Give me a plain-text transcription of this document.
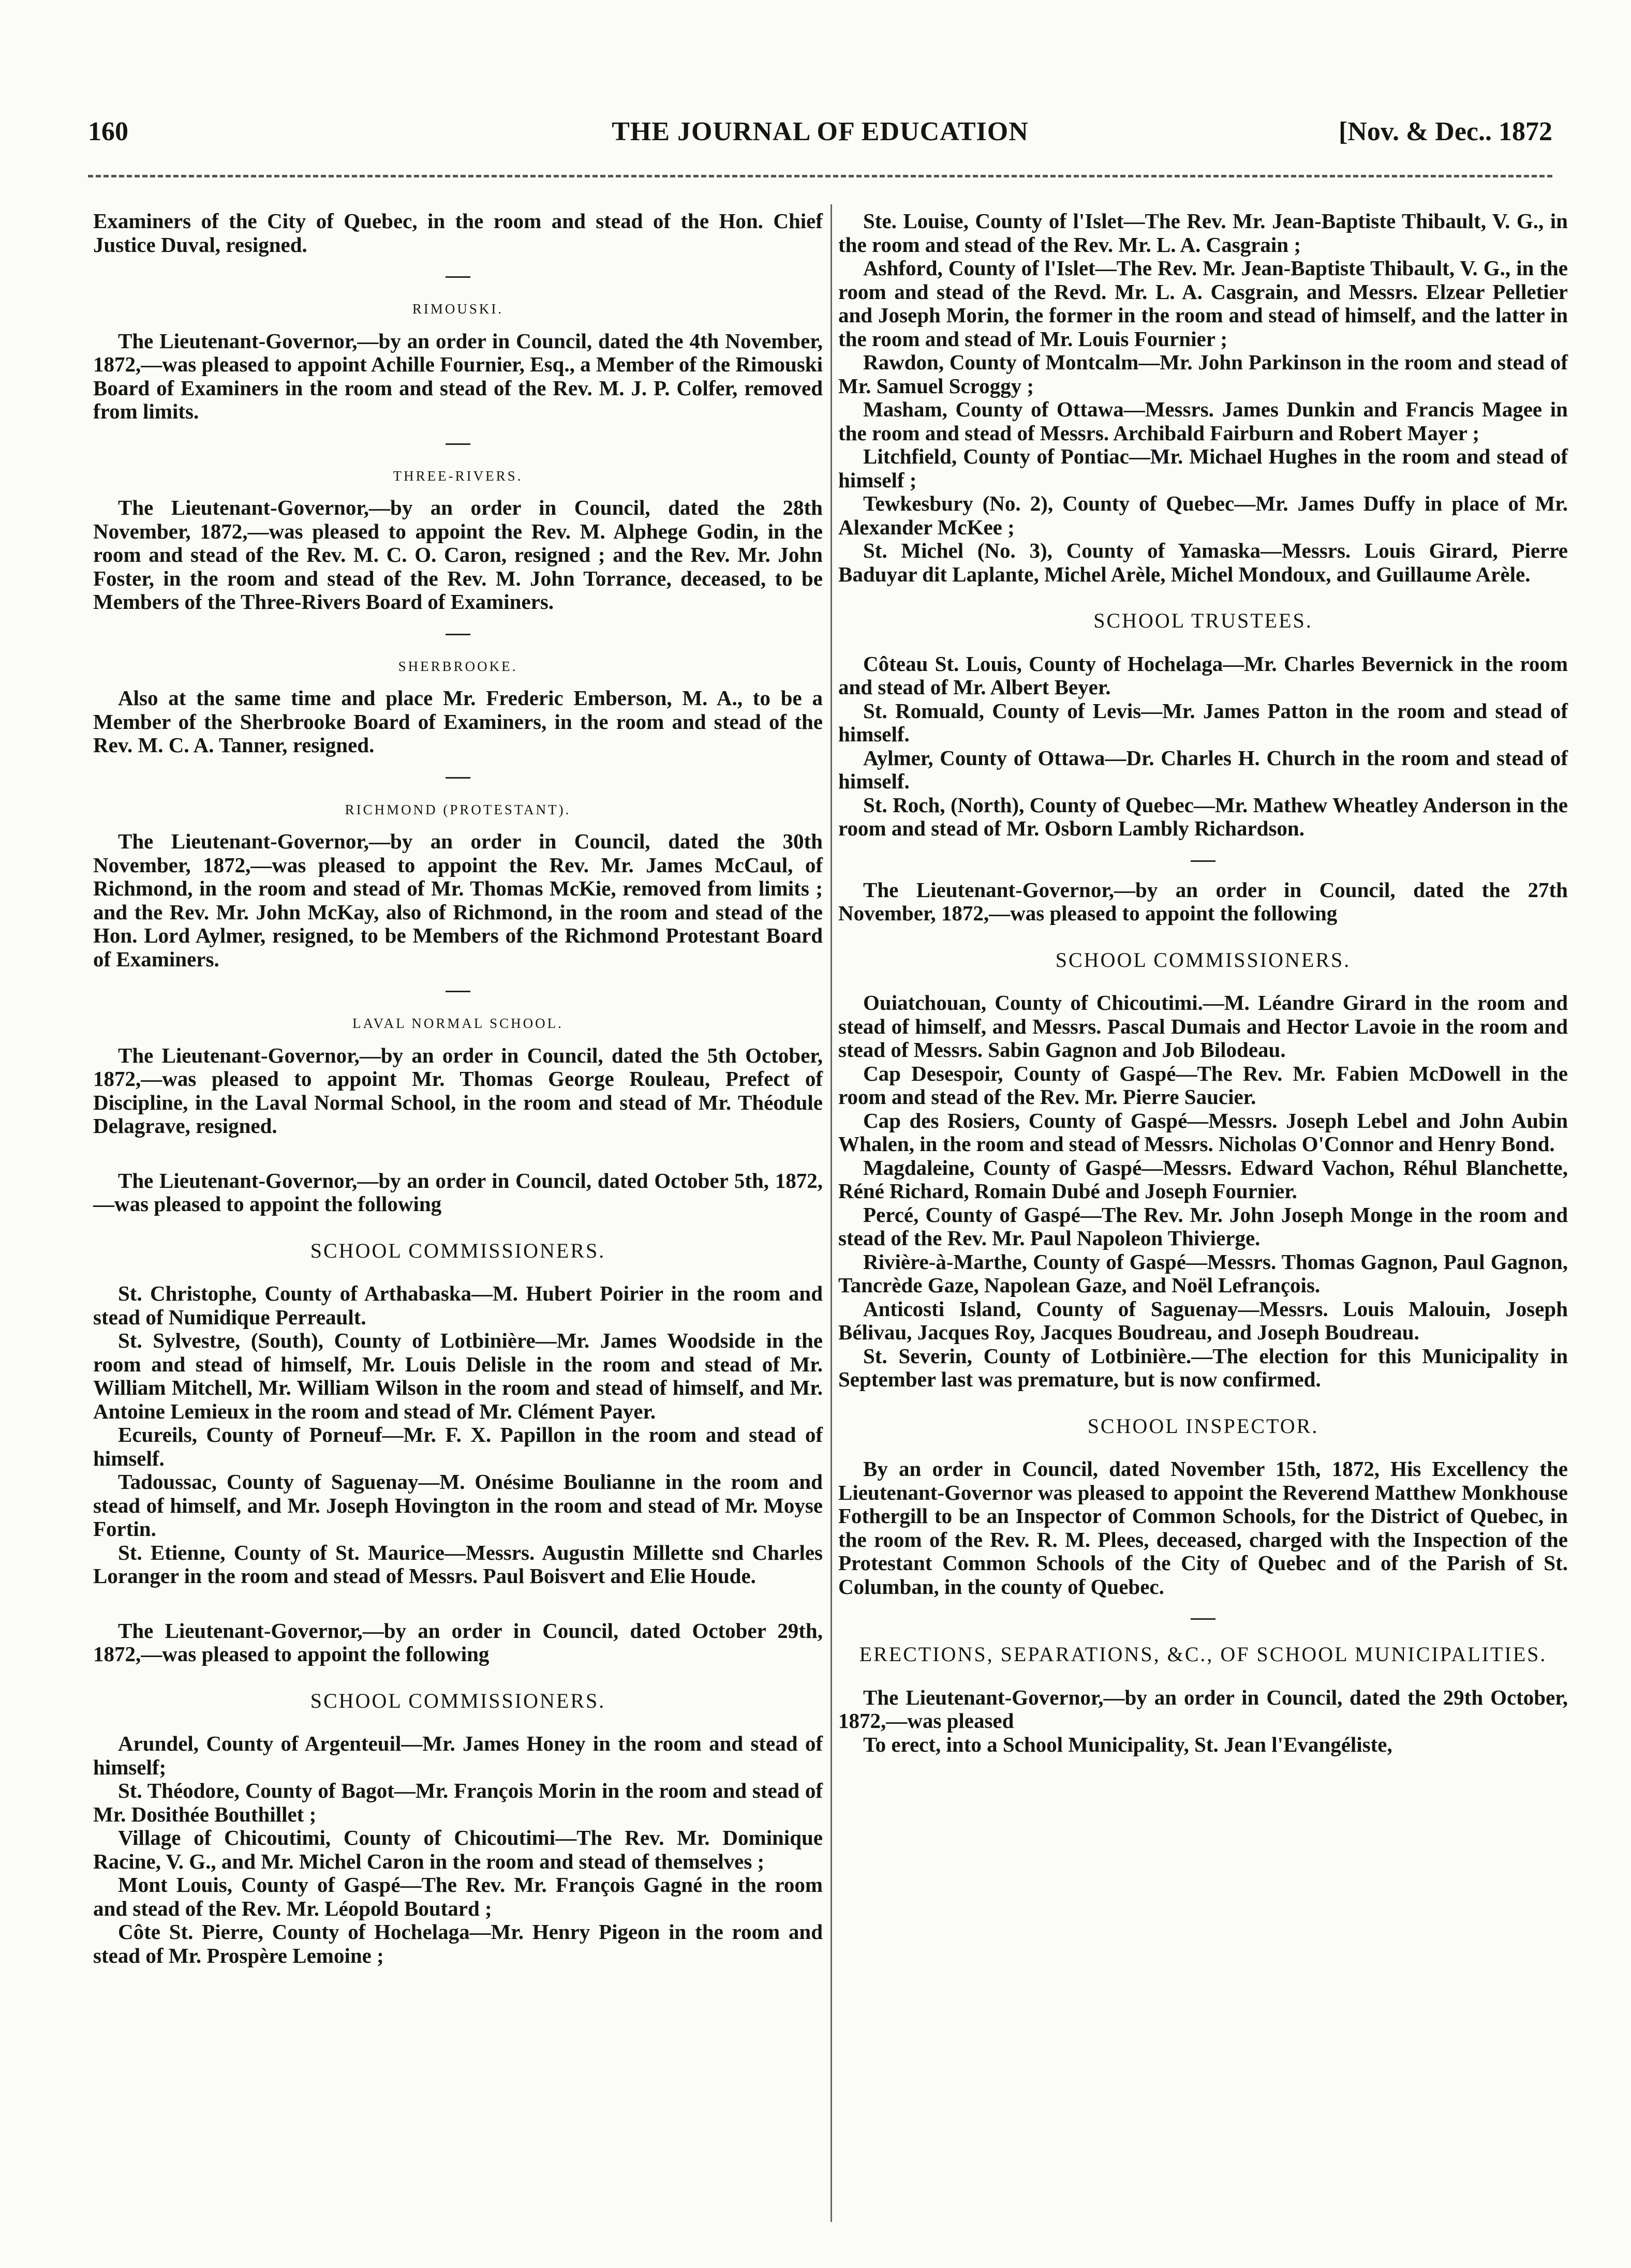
160	THE JOURNAL OF EDUCATION	[Nov. & Dec.. 1872

Examiners of the City of Quebec, in the room and stead of the Hon. Chief Justice Duval, resigned.

RIMOUSKI.

The Lieutenant-Governor,—by an order in Council, dated the 4th November, 1872,—was pleased to appoint Achille Fournier, Esq., a Member of the Rimouski Board of Examiners in the room and stead of the Rev. M. J. P. Colfer, removed from limits.

THREE-RIVERS.

The Lieutenant-Governor,—by an order in Council, dated the 28th November, 1872,—was pleased to appoint the Rev. M. Alphege Godin, in the room and stead of the Rev. M. C. O. Caron, resigned ; and the Rev. Mr. John Foster, in the room and stead of the Rev. M. John Torrance, deceased, to be Members of the Three-Rivers Board of Examiners.

SHERBROOKE.

Also at the same time and place Mr. Frederic Emberson, M. A., to be a Member of the Sherbrooke Board of Examiners, in the room and stead of the Rev. M. C. A. Tanner, resigned.

RICHMOND (PROTESTANT).

The Lieutenant-Governor,—by an order in Council, dated the 30th November, 1872,—was pleased to appoint the Rev. Mr. James McCaul, of Richmond, in the room and stead of Mr. Thomas McKie, removed from limits ; and the Rev. Mr. John McKay, also of Richmond, in the room and stead of the Hon. Lord Aylmer, resigned, to be Members of the Richmond Protestant Board of Examiners.

LAVAL NORMAL SCHOOL.

The Lieutenant-Governor,—by an order in Council, dated the 5th October, 1872,—was pleased to appoint Mr. Thomas George Rouleau, Prefect of Discipline, in the Laval Normal School, in the room and stead of Mr. Théodule Delagrave, resigned.

The Lieutenant-Governor,—by an order in Council, dated October 5th, 1872,—was pleased to appoint the following

SCHOOL COMMISSIONERS.

St. Christophe, County of Arthabaska—M. Hubert Poirier in the room and stead of Numidique Perreault.

St. Sylvestre, (South), County of Lotbinière—Mr. James Woodside in the room and stead of himself, Mr. Louis Delisle in the room and stead of Mr. William Mitchell, Mr. William Wilson in the room and stead of himself, and Mr. Antoine Lemieux in the room and stead of Mr. Clément Payer.

Ecureils, County of Porneuf—Mr. F. X. Papillon in the room and stead of himself.

Tadoussac, County of Saguenay—M. Onésime Boulianne in the room and stead of himself, and Mr. Joseph Hovington in the room and stead of Mr. Moyse Fortin.

St. Etienne, County of St. Maurice—Messrs. Augustin Millette snd Charles Loranger in the room and stead of Messrs. Paul Boisvert and Elie Houde.

The Lieutenant-Governor,—by an order in Council, dated October 29th, 1872,—was pleased to appoint the following

SCHOOL COMMISSIONERS.

Arundel, County of Argenteuil—Mr. James Honey in the room and stead of himself;

St. Théodore, County of Bagot—Mr. François Morin in the room and stead of Mr. Dosithée Bouthillet ;

Village of Chicoutimi, County of Chicoutimi—The Rev. Mr. Dominique Racine, V. G., and Mr. Michel Caron in the room and stead of themselves ;

Mont Louis, County of Gaspé—The Rev. Mr. François Gagné in the room and stead of the Rev. Mr. Léopold Boutard ;

Côte St. Pierre, County of Hochelaga—Mr. Henry Pigeon in the room and stead of Mr. Prospère Lemoine ;

Ste. Louise, County of l'Islet—The Rev. Mr. Jean-Baptiste Thibault, V. G., in the room and stead of the Rev. Mr. L. A. Casgrain ;

Ashford, County of l'Islet—The Rev. Mr. Jean-Baptiste Thibault, V. G., in the room and stead of the Revd. Mr. L. A. Casgrain, and Messrs. Elzear Pelletier and Joseph Morin, the former in the room and stead of himself, and the latter in the room and stead of Mr. Louis Fournier ;

Rawdon, County of Montcalm—Mr. John Parkinson in the room and stead of Mr. Samuel Scroggy ;

Masham, County of Ottawa—Messrs. James Dunkin and Francis Magee in the room and stead of Messrs. Archibald Fairburn and Robert Mayer ;

Litchfield, County of Pontiac—Mr. Michael Hughes in the room and stead of himself ;

Tewkesbury (No. 2), County of Quebec—Mr. James Duffy in place of Mr. Alexander McKee ;

St. Michel (No. 3), County of Yamaska—Messrs. Louis Girard, Pierre Baduyar dit Laplante, Michel Arèle, Michel Mondoux, and Guillaume Arèle.

SCHOOL TRUSTEES.

Côteau St. Louis, County of Hochelaga—Mr. Charles Bevernick in the room and stead of Mr. Albert Beyer.

St. Romuald, County of Levis—Mr. James Patton in the room and stead of himself.

Aylmer, County of Ottawa—Dr. Charles H. Church in the room and stead of himself.

St. Roch, (North), County of Quebec—Mr. Mathew Wheatley Anderson in the room and stead of Mr. Osborn Lambly Richardson.

The Lieutenant-Governor,—by an order in Council, dated the 27th November, 1872,—was pleased to appoint the following

SCHOOL COMMISSIONERS.

Ouiatchouan, County of Chicoutimi.—M. Léandre Girard in the room and stead of himself, and Messrs. Pascal Dumais and Hector Lavoie in the room and stead of Messrs. Sabin Gagnon and Job Bilodeau.

Cap Desespoir, County of Gaspé—The Rev. Mr. Fabien McDowell in the room and stead of the Rev. Mr. Pierre Saucier.

Cap des Rosiers, County of Gaspé—Messrs. Joseph Lebel and John Aubin Whalen, in the room and stead of Messrs. Nicholas O'Connor and Henry Bond.

Magdaleine, County of Gaspé—Messrs. Edward Vachon, Réhul Blanchette, Réné Richard, Romain Dubé and Joseph Fournier.

Percé, County of Gaspé—The Rev. Mr. John Joseph Monge in the room and stead of the Rev. Mr. Paul Napoleon Thivierge.

Rivière-à-Marthe, County of Gaspé—Messrs. Thomas Gagnon, Paul Gagnon, Tancrède Gaze, Napolean Gaze, and Noël Lefrançois.

Anticosti Island, County of Saguenay—Messrs. Louis Malouin, Joseph Bélivau, Jacques Roy, Jacques Boudreau, and Joseph Boudreau.

St. Severin, County of Lotbinière.—The election for this Municipality in September last was premature, but is now confirmed.

SCHOOL INSPECTOR.

By an order in Council, dated November 15th, 1872, His Excellency the Lieutenant-Governor was pleased to appoint the Reverend Matthew Monkhouse Fothergill to be an Inspector of Common Schools, for the District of Quebec, in the room of the Rev. R. M. Plees, deceased, charged with the Inspection of the Protestant Common Schools of the City of Quebec and of the Parish of St. Columban, in the county of Quebec.

ERECTIONS, SEPARATIONS, &C., OF SCHOOL MUNICIPALITIES.

The Lieutenant-Governor,—by an order in Council, dated the 29th October, 1872,—was pleased

To erect, into a School Municipality, St. Jean l'Evangéliste,
